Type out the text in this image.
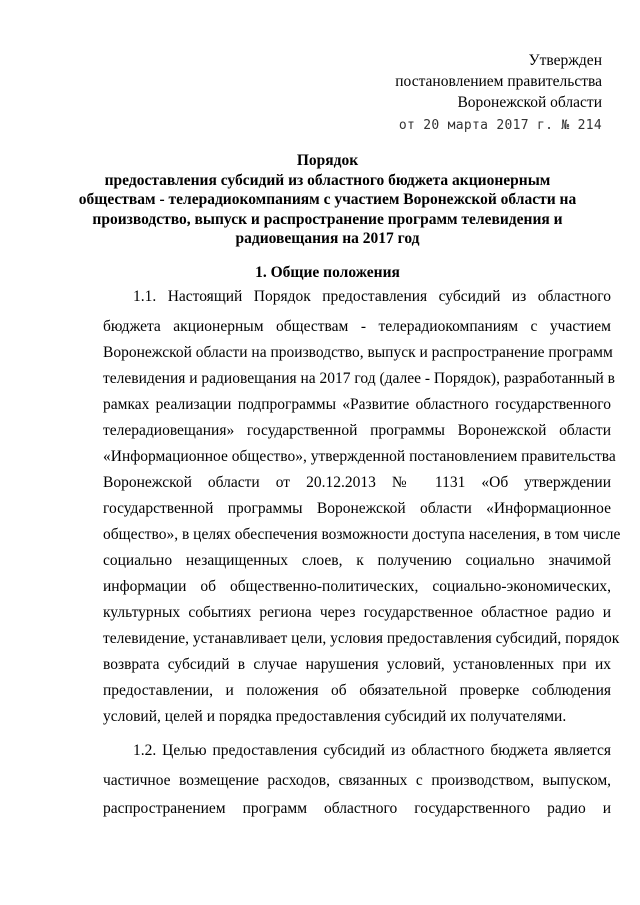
Утвержден
постановлением правительства
Воронежской области
от 20 марта 2017 г. № 214
Порядок
предоставления субсидий из областного бюджета акционерным
обществам - телерадиокомпаниям с участием Воронежской области на
производство, выпуск и распространение программ телевидения и
радиовещания на 2017 год
1. Общие положения
1.1. Настоящий Порядок предоставления субсидий из областного
бюджета акционерным обществам - телерадиокомпаниям с участием
Воронежской области на производство, выпуск и распространение программ
телевидения и радиовещания на 2017 год (далее - Порядок), разработанный в
рамках реализации подпрограммы «Развитие областного государственного
телерадиовещания» государственной программы Воронежской области
«Информационное общество», утвержденной постановлением правительства
Воронежской области от 20.12.2013 № 1131 «Об утверждении
государственной программы Воронежской области «Информационное
общество», в целях обеспечения возможности доступа населения, в том числе
социально незащищенных слоев, к получению социально значимой
информации об общественно-политических, социально-экономических,
культурных событиях региона через государственное областное радио и
телевидение, устанавливает цели, условия предоставления субсидий, порядок
возврата субсидий в случае нарушения условий, установленных при их
предоставлении, и положения об обязательной проверке соблюдения
условий, целей и порядка предоставления субсидий их получателями.
1.2. Целью предоставления субсидий из областного бюджета является
частичное возмещение расходов, связанных с производством, выпуском,
распространением программ областного государственного радио и
